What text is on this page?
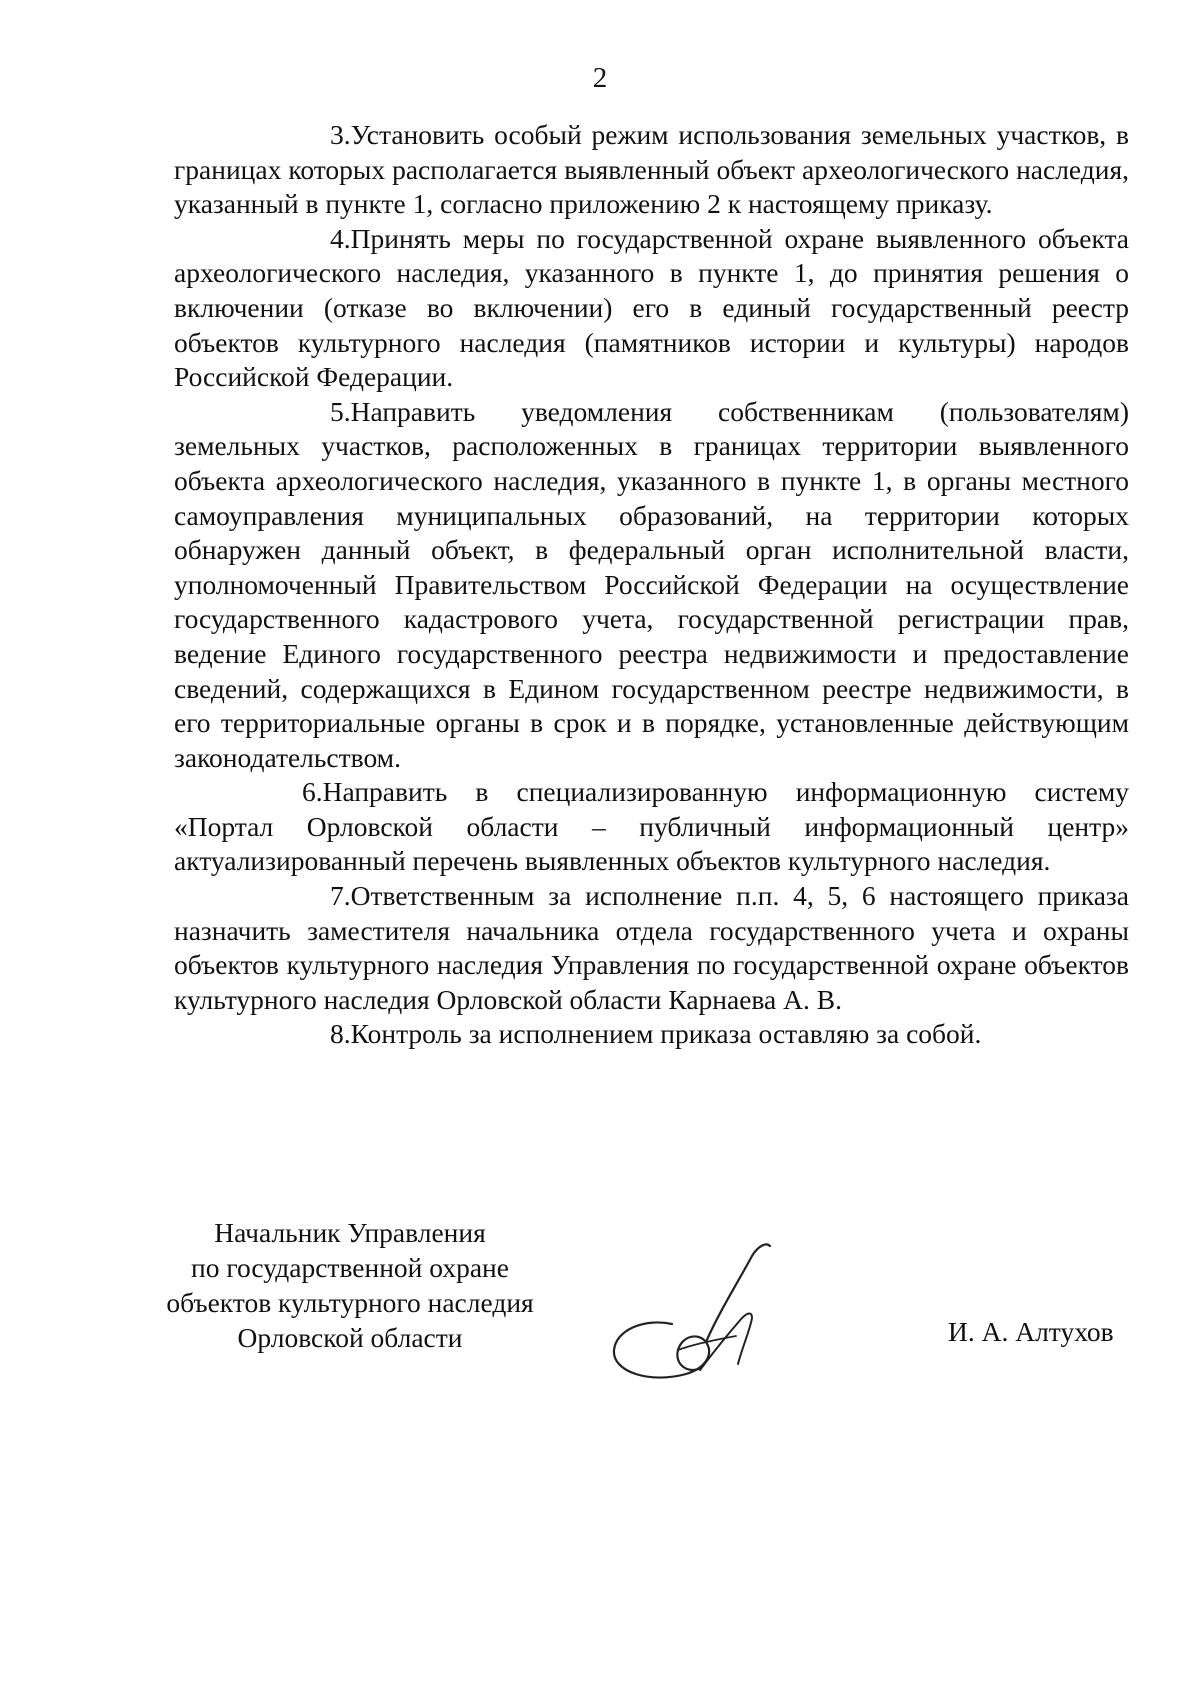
2

3.Установить особый режим использования земельных участков, в границах которых располагается выявленный объект археологического наследия, указанный в пункте 1, согласно приложению 2 к настоящему приказу.

4.Принять меры по государственной охране выявленного объекта археологического наследия, указанного в пункте 1, до принятия решения о включении (отказе во включении) его в единый государственный реестр объектов культурного наследия (памятников истории и культуры) народов Российской Федерации.

5.Направить уведомления собственникам (пользователям) земельных участков, расположенных в границах территории выявленного объекта археологического наследия, указанного в пункте 1, в органы местного самоуправления муниципальных образований, на территории которых обнаружен данный объект, в федеральный орган исполнительной власти, уполномоченный Правительством Российской Федерации на осуществление государственного кадастрового учета, государственной регистрации прав, ведение Единого государственного реестра недвижимости и предоставление сведений, содержащихся в Едином государственном реестре недвижимости, в его территориальные органы в срок и в порядке, установленные действующим законодательством.

6.Направить в специализированную информационную систему «Портал Орловской области – публичный информационный центр» актуализированный перечень выявленных объектов культурного наследия.

7.Ответственным за исполнение п.п. 4, 5, 6 настоящего приказа назначить заместителя начальника отдела государственного учета и охраны объектов культурного наследия Управления по государственной охране объектов культурного наследия Орловской области Карнаева А. В.

8.Контроль за исполнением приказа оставляю за собой.

Начальник Управления
по государственной охране
объектов культурного наследия
Орловской области	И. А. Алтухов
